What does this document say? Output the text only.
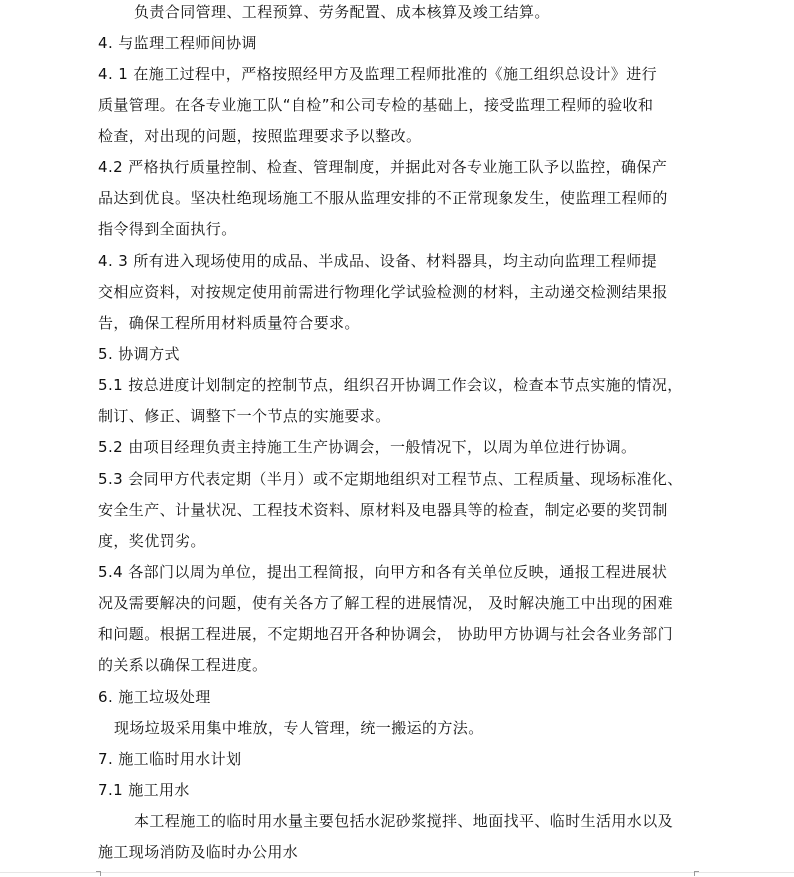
负责合同管理、工程预算、劳务配置、成本核算及竣工结算。
4. 与监理工程师间协调
4. 1 在施工过程中，严格按照经甲方及监理工程师批准的《施工组织总设计》进行
质量管理。在各专业施工队“自检”和公司专检的基础上，接受监理工程师的验收和
检查，对出现的问题，按照监理要求予以整改。
4.2 严格执行质量控制、检查、管理制度，并据此对各专业施工队予以监控，确保产
品达到优良。坚决杜绝现场施工不服从监理安排的不正常现象发生，使监理工程师的
指令得到全面执行。
4. 3 所有进入现场使用的成品、半成品、设备、材料器具，均主动向监理工程师提
交相应资料，对按规定使用前需进行物理化学试验检测的材料，主动递交检测结果报
告，确保工程所用材料质量符合要求。
5. 协调方式
5.1 按总进度计划制定的控制节点，组织召开协调工作会议，检查本节点实施的情况，
制订、修正、调整下一个节点的实施要求。
5.2 由项目经理负责主持施工生产协调会，一般情况下，以周为单位进行协调。
5.3 会同甲方代表定期（半月）或不定期地组织对工程节点、工程质量、现场标准化、
安全生产、计量状况、工程技术资料、原材料及电器具等的检查，制定必要的奖罚制
度，奖优罚劣。
5.4 各部门以周为单位，提出工程简报，向甲方和各有关单位反映，通报工程进展状
况及需要解决的问题，使有关各方了解工程的进展情况， 及时解决施工中出现的困难
和问题。根据工程进展，不定期地召开各种协调会， 协助甲方协调与社会各业务部门
的关系以确保工程进度。
6. 施工垃圾处理
现场垃圾采用集中堆放，专人管理，统一搬运的方法。
7. 施工临时用水计划
7.1 施工用水
本工程施工的临时用水量主要包括水泥砂浆搅拌、地面找平、临时生活用水以及
施工现场消防及临时办公用水
